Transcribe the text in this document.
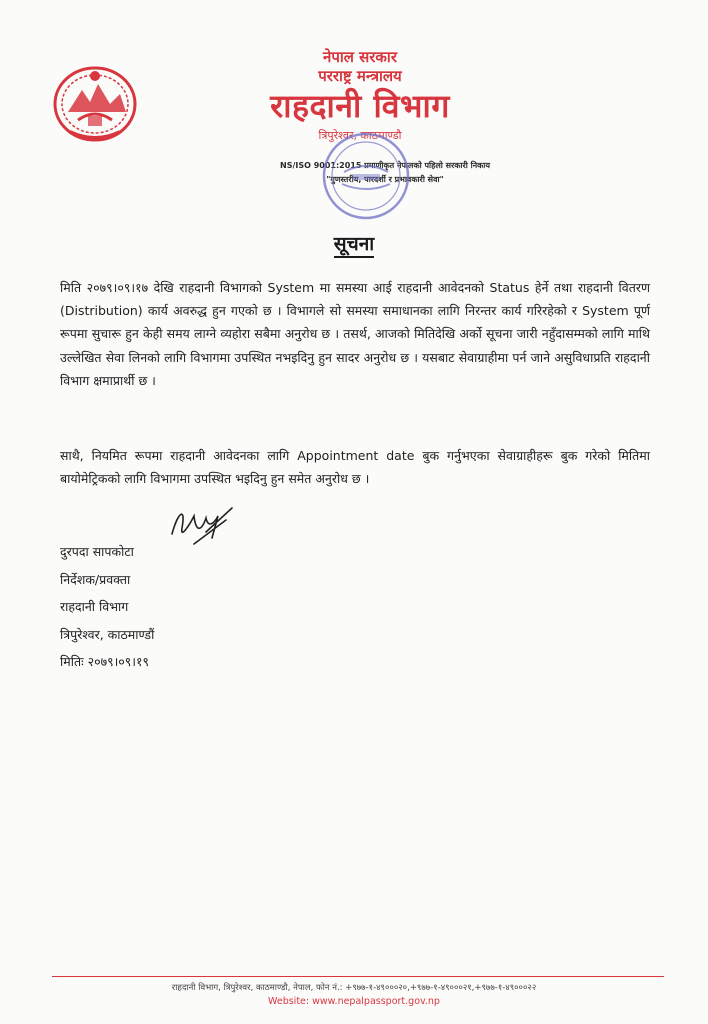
नेपाल सरकार
परराष्ट्र मन्त्रालय
राहदानी विभाग
त्रिपुरेश्वर, काठमाण्डौ
NS/ISO 9001:2015 प्रमाणीकृत नेपालको पहिलो सरकारी निकाय
"गुणस्तरीय, पारदर्शी र प्रभावकारी सेवा"
सूचना
मिति २०७९।०९।१७ देखि राहदानी विभागको System मा समस्या आई राहदानी आवेदनको Status हेर्ने तथा राहदानी वितरण (Distribution) कार्य अवरुद्ध हुन गएको छ । विभागले सो समस्या समाधानका लागि निरन्तर कार्य गरिरहेको र System पूर्ण रूपमा सुचारू हुन केही समय लाग्ने व्यहोरा सबैमा अनुरोध छ । तसर्थ, आजको मितिदेखि अर्को सूचना जारी नहुँदासम्मको लागि माथि उल्लेखित सेवा लिनको लागि विभागमा उपस्थित नभइदिनु हुन सादर अनुरोध छ । यसबाट सेवाग्राहीमा पर्न जाने असुविधाप्रति राहदानी विभाग क्षमाप्रार्थी छ ।
साथै, नियमित रूपमा राहदानी आवेदनका लागि Appointment date बुक गर्नुभएका सेवाग्राहीहरू बुक गरेको मितिमा बायोमेट्रिकको लागि विभागमा उपस्थित भइदिनु हुन समेत अनुरोध छ ।
दुरपदा सापकोटा
निर्देशक/प्रवक्ता
राहदानी विभाग
त्रिपुरेश्वर, काठमाण्डौं
मितिः २०७९।०९।१९
राहदानी विभाग, त्रिपुरेश्वर, काठमाण्डौ, नेपाल, फोन नं.: +९७७-१-४९०००२०,+९७७-१-४९०००२१,+९७७-१-४९०००२२
Website: www.nepalpassport.gov.np
